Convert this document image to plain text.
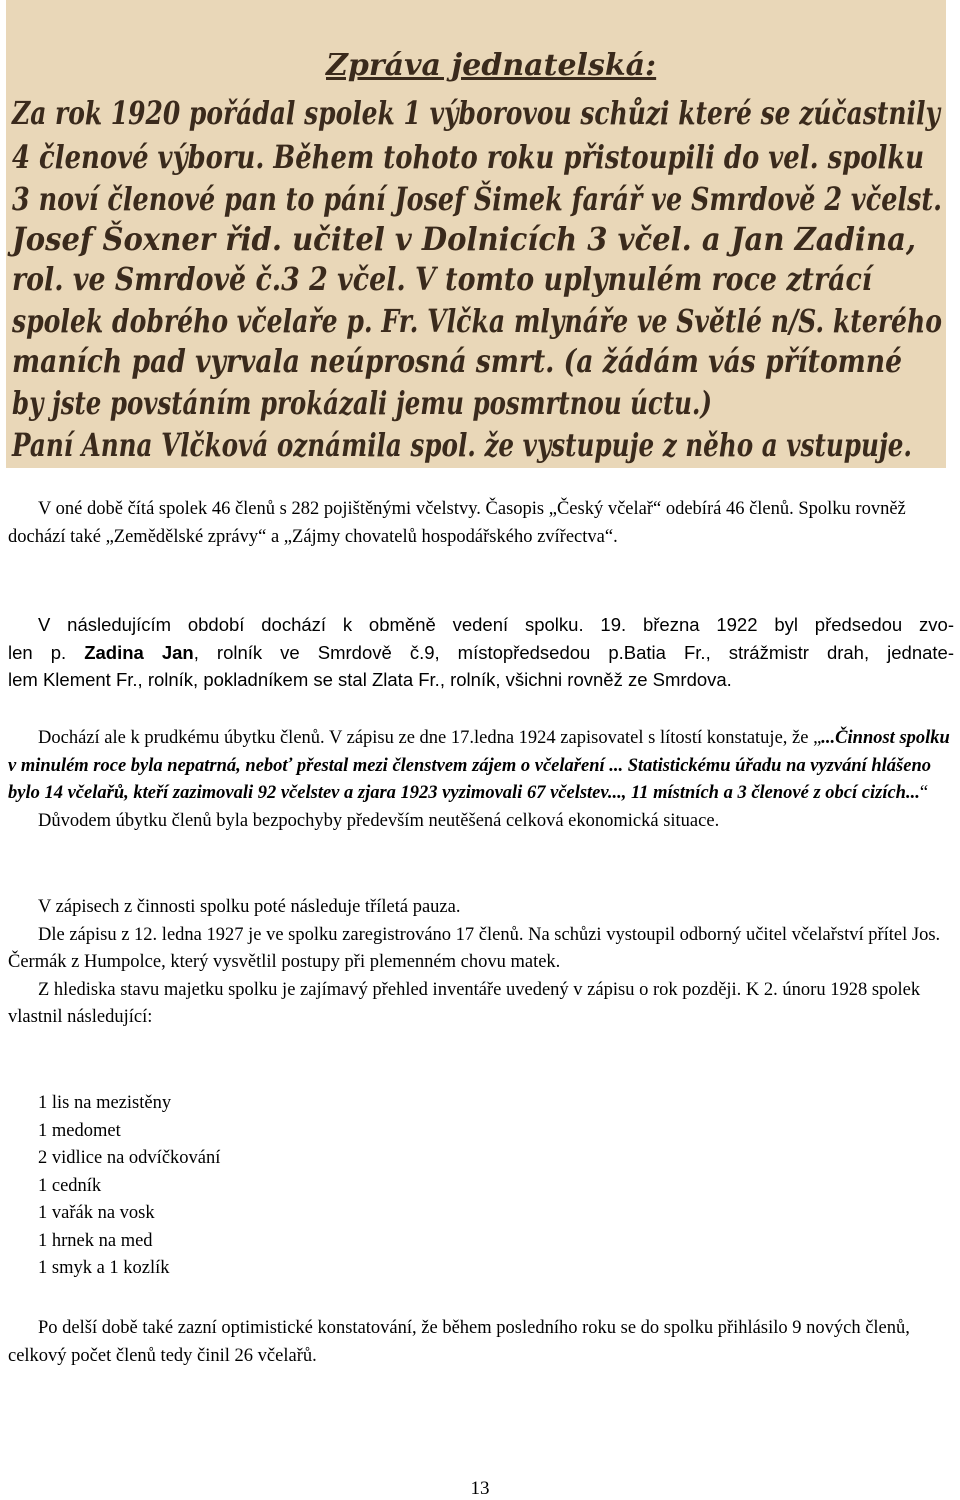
Zpráva jednatelská:
Za rok 1920 pořádal spolek 1 výborovou schůzi které se zúčastnily
4 členové výboru. Během tohoto roku přistoupili do vel. spolku
3 noví členové pan to pání Josef Šimek farář ve Smrdově 2 včelst.
Josef Šoxner řid. učitel v Dolnicích 3 včel. a Jan Zadina,
rol. ve Smrdově č.3 2 včel. V tomto uplynulém roce ztrácí
spolek dobrého včelaře p. Fr. Vlčka mlynáře ve Světlé n/S. kterého
maních pad vyrvala neúprosná smrt. (a žádám vás přítomné
by jste povstáním prokázali jemu posmrtnou úctu.)
Paní Anna Vlčková oznámila spol. že vystupuje z něho a vstupuje.

V oné době čítá spolek 46 členů s 282 pojištěnými včelstvy. Časopis „Český včelař“ odebírá 46 členů. Spolku rovněž dochází také „Zemědělské zprávy“ a „Zájmy chovatelů hospodářského zvířectva“.

V následujícím období dochází k obměně vedení spolku. 19. března 1922 byl předsedou zvo-

len p. Zadina Jan, rolník ve Smrdově č.9, místopředsedou p.Batia Fr., strážmistr drah, jednate-

lem Klement Fr., rolník, pokladníkem se stal Zlata Fr., rolník, všichni rovněž ze Smrdova.

Dochází ale k prudkému úbytku členů. V zápisu ze dne 17.ledna 1924 zapisovatel s lítostí konstatuje, že „...Činnost spolku v minulém roce byla nepatrná, neboť přestal mezi členstvem zájem o včelaření ... Statistickému úřadu na vyzvání hlášeno bylo 14 včelařů, kteří zazimovali 92 včelstev a zjara 1923 vyzimovali 67 včelstev..., 11 místních a 3 členové z obcí cizích...“

Důvodem úbytku členů byla bezpochyby především neutěšená celková ekonomická situace.

V zápisech z činnosti spolku poté následuje tříletá pauza.

Dle zápisu z 12. ledna 1927 je ve spolku zaregistrováno 17 členů. Na schůzi vystoupil odborný učitel včelařství přítel Jos. Čermák z Humpolce, který vysvětlil postupy při plemenném chovu matek.

Z hlediska stavu majetku spolku je zajímavý přehled inventáře uvedený v zápisu o rok později. K 2. únoru 1928 spolek vlastnil následující:

1 lis na mezistěny

1 medomet

2 vidlice na odvíčkování

1 cedník

1 vařák na vosk

1 hrnek na med

1 smyk a 1 kozlík

Po delší době také zazní optimistické konstatování, že během posledního roku se do spolku přihlásilo 9 nových členů, celkový počet členů tedy činil 26 včelařů.

13
